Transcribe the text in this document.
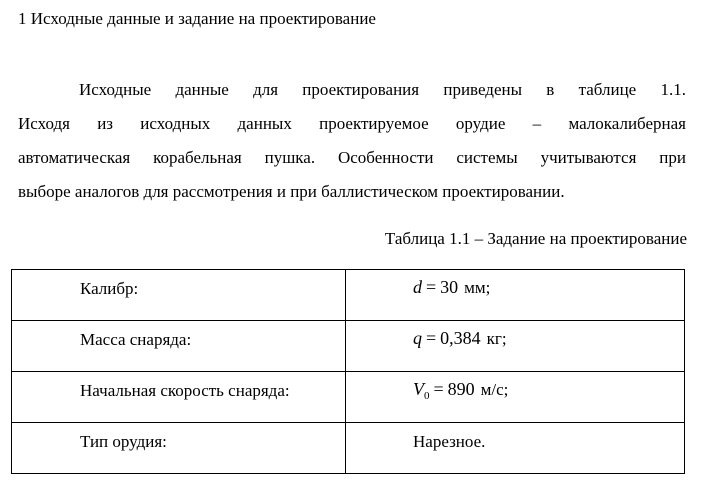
1 Исходные данные и задание на проектирование
Исходные данные для проектирования приведены в таблице 1.1.
Исходя из исходных данных проектируемое орудие – малокалиберная
автоматическая корабельная пушка. Особенности системы учитываются при
выборе аналогов для рассмотрения и при баллистическом проектировании.
Таблица 1.1 – Задание на проектирование
Калибр:	d = 30 мм;
Масса снаряда:	q = 0,384 кг;
Начальная скорость снаряда:	$V_0 = 890$ м/с;
Тип орудия:	Нарезное.
